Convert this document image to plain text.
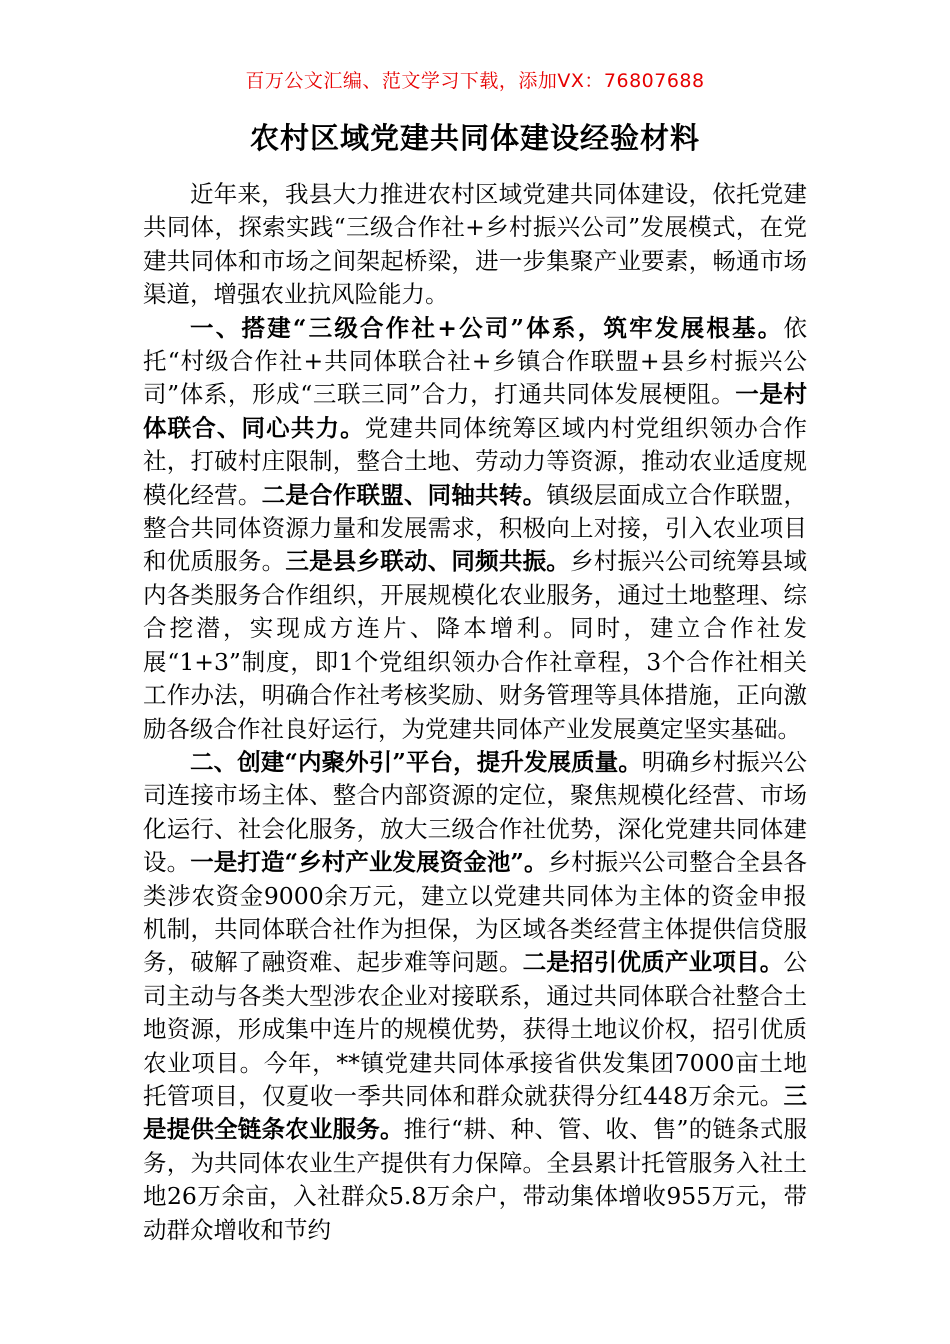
百万公文汇编、范文学习下载，添加VX：76807688
农村区域党建共同体建设经验材料

近年来，我县大力推进农村区域党建共同体建设，依托党建共同体，探索实践“三级合作社+乡村振兴公司”发展模式，在党建共同体和市场之间架起桥梁，进一步集聚产业要素，畅通市场渠道，增强农业抗风险能力。

一、搭建“三级合作社+公司”体系，筑牢发展根基。依托“村级合作社+共同体联合社+乡镇合作联盟+县乡村振兴公司”体系，形成“三联三同”合力，打通共同体发展梗阻。一是村体联合、同心共力。党建共同体统筹区域内村党组织领办合作社，打破村庄限制，整合土地、劳动力等资源，推动农业适度规模化经营。二是合作联盟、同轴共转。镇级层面成立合作联盟，整合共同体资源力量和发展需求，积极向上对接，引入农业项目和优质服务。三是县乡联动、同频共振。乡村振兴公司统筹县域内各类服务合作组织，开展规模化农业服务，通过土地整理、综合挖潜，实现成方连片、降本增利。同时，建立合作社发展“1+3”制度，即1个党组织领办合作社章程，3个合作社相关工作办法，明确合作社考核奖励、财务管理等具体措施，正向激励各级合作社良好运行，为党建共同体产业发展奠定坚实基础。

二、创建“内聚外引”平台，提升发展质量。明确乡村振兴公司连接市场主体、整合内部资源的定位，聚焦规模化经营、市场化运行、社会化服务，放大三级合作社优势，深化党建共同体建设。一是打造“乡村产业发展资金池”。乡村振兴公司整合全县各类涉农资金9000余万元，建立以党建共同体为主体的资金申报机制，共同体联合社作为担保，为区域各类经营主体提供信贷服务，破解了融资难、起步难等问题。二是招引优质产业项目。公司主动与各类大型涉农企业对接联系，通过共同体联合社整合土地资源，形成集中连片的规模优势，获得土地议价权，招引优质农业项目。今年，**镇党建共同体承接省供发集团7000亩土地托管项目，仅夏收一季共同体和群众就获得分红448万余元。三是提供全链条农业服务。推行“耕、种、管、收、售”的链条式服务，为共同体农业生产提供有力保障。全县累计托管服务入社土地26万余亩，入社群众5.8万余户，带动集体增收955万元，带动群众增收和节约
